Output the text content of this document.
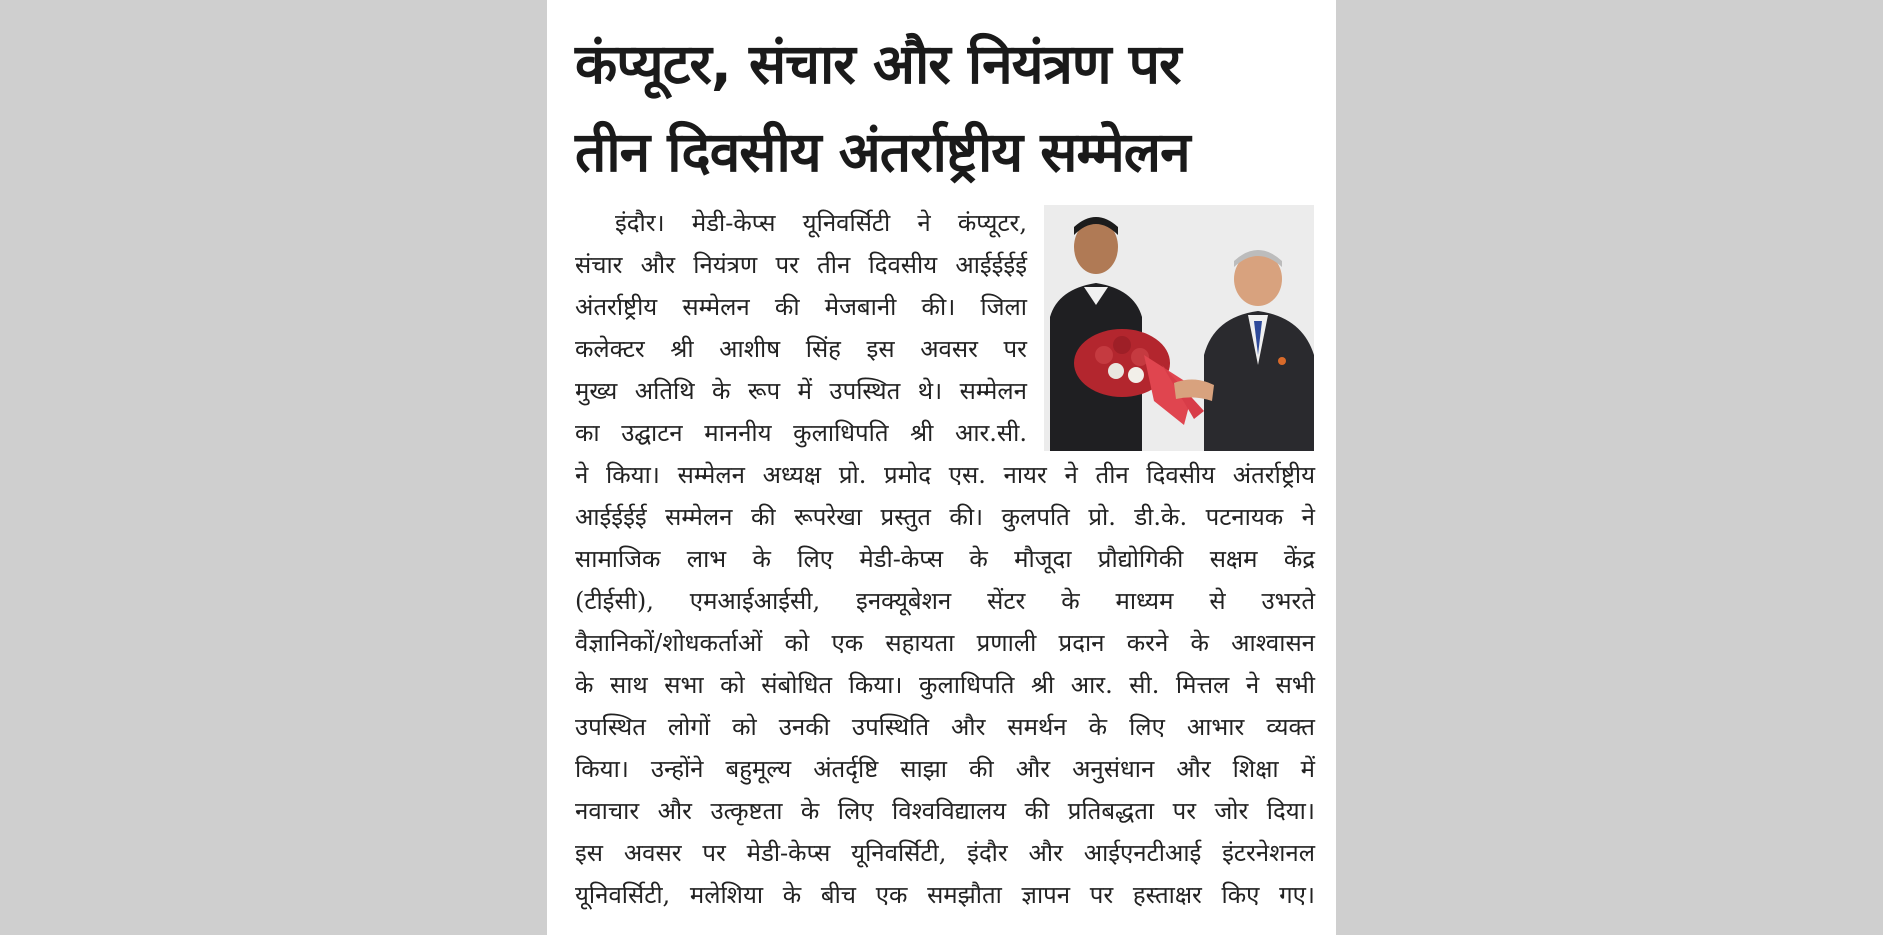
कंप्यूटर, संचार और नियंत्रण पर
तीन दिवसीय अंतर्राष्ट्रीय सम्मेलन
इंदौर। मेडी-केप्स यूनिवर्सिटी ने कंप्यूटर,
संचार और नियंत्रण पर तीन दिवसीय आईईईई
अंतर्राष्ट्रीय सम्मेलन की मेजबानी की। जिला
कलेक्टर श्री आशीष सिंह इस अवसर पर
मुख्य अतिथि के रूप में उपस्थित थे। सम्मेलन
का उद्घाटन माननीय कुलाधिपति श्री आर.सी.
ने किया। सम्मेलन अध्यक्ष प्रो. प्रमोद एस. नायर ने तीन दिवसीय अंतर्राष्ट्रीय
आईईईई सम्मेलन की रूपरेखा प्रस्तुत की। कुलपति प्रो. डी.के. पटनायक ने
सामाजिक लाभ के लिए मेडी-केप्स के मौजूदा प्रौद्योगिकी सक्षम केंद्र
(टीईसी), एमआईआईसी, इनक्यूबेशन सेंटर के माध्यम से उभरते
वैज्ञानिकों/शोधकर्ताओं को एक सहायता प्रणाली प्रदान करने के आश्वासन
के साथ सभा को संबोधित किया। कुलाधिपति श्री आर. सी. मित्तल ने सभी
उपस्थित लोगों को उनकी उपस्थिति और समर्थन के लिए आभार व्यक्त
किया। उन्होंने बहुमूल्य अंतर्दृष्टि साझा की और अनुसंधान और शिक्षा में
नवाचार और उत्कृष्टता के लिए विश्वविद्यालय की प्रतिबद्धता पर जोर दिया।
इस अवसर पर मेडी-केप्स यूनिवर्सिटी, इंदौर और आईएनटीआई इंटरनेशनल
यूनिवर्सिटी, मलेशिया के बीच एक समझौता ज्ञापन पर हस्ताक्षर किए गए।
